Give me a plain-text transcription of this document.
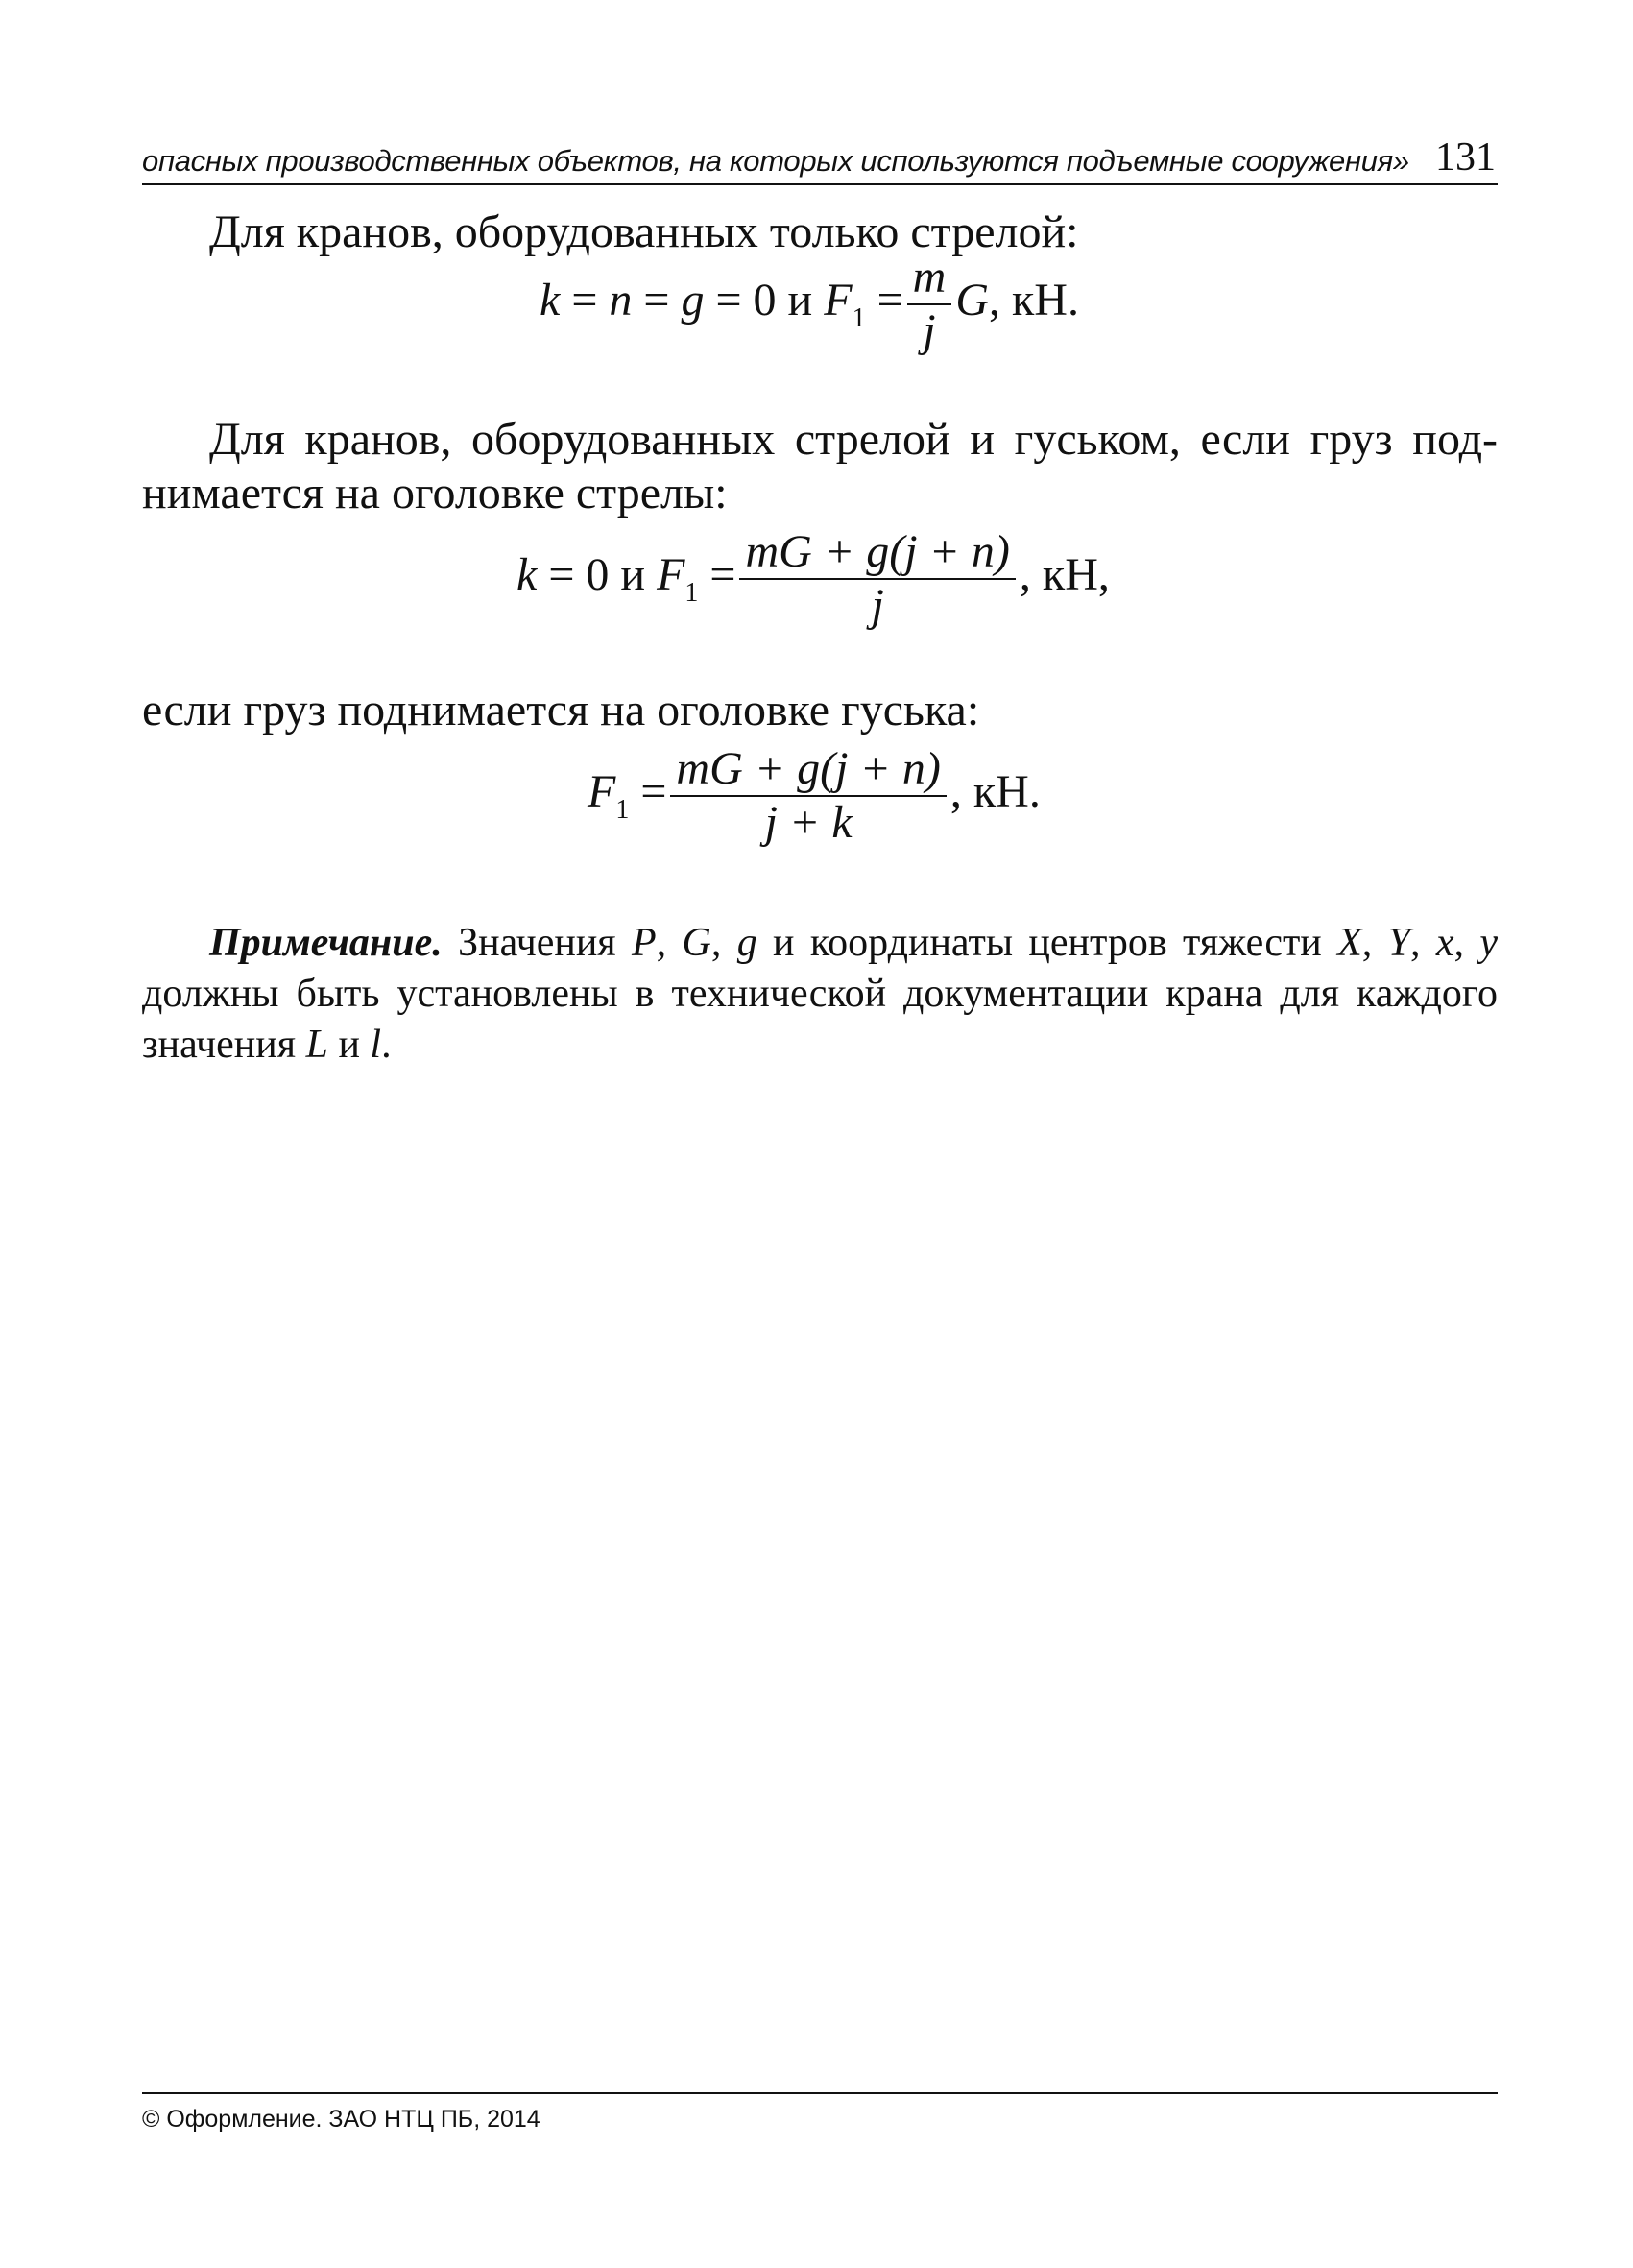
опасных производственных объектов, на которых используются подъемные сооружения» 131
Для кранов, оборудованных только стрелой:
k = n = g = 0 и $F_1 = \frac{m}{j} G$, кН.
Для кранов, оборудованных стрелой и гуськом, если груз под-
нимается на оголовке стрелы:
k = 0 и $F_1 = \frac{mG + g(j + n)}{j}$ , кН,
если груз поднимается на оголовке гуська:
$F_1 = \frac{mG + g(j + n)}{j + k}$ , кН.
Примечание. Значения P, G, g и координаты центров тяжести X, Y, x, y должны быть установлены в технической документации крана для каждого значения L и l.
© Оформление. ЗАО НТЦ ПБ, 2014
